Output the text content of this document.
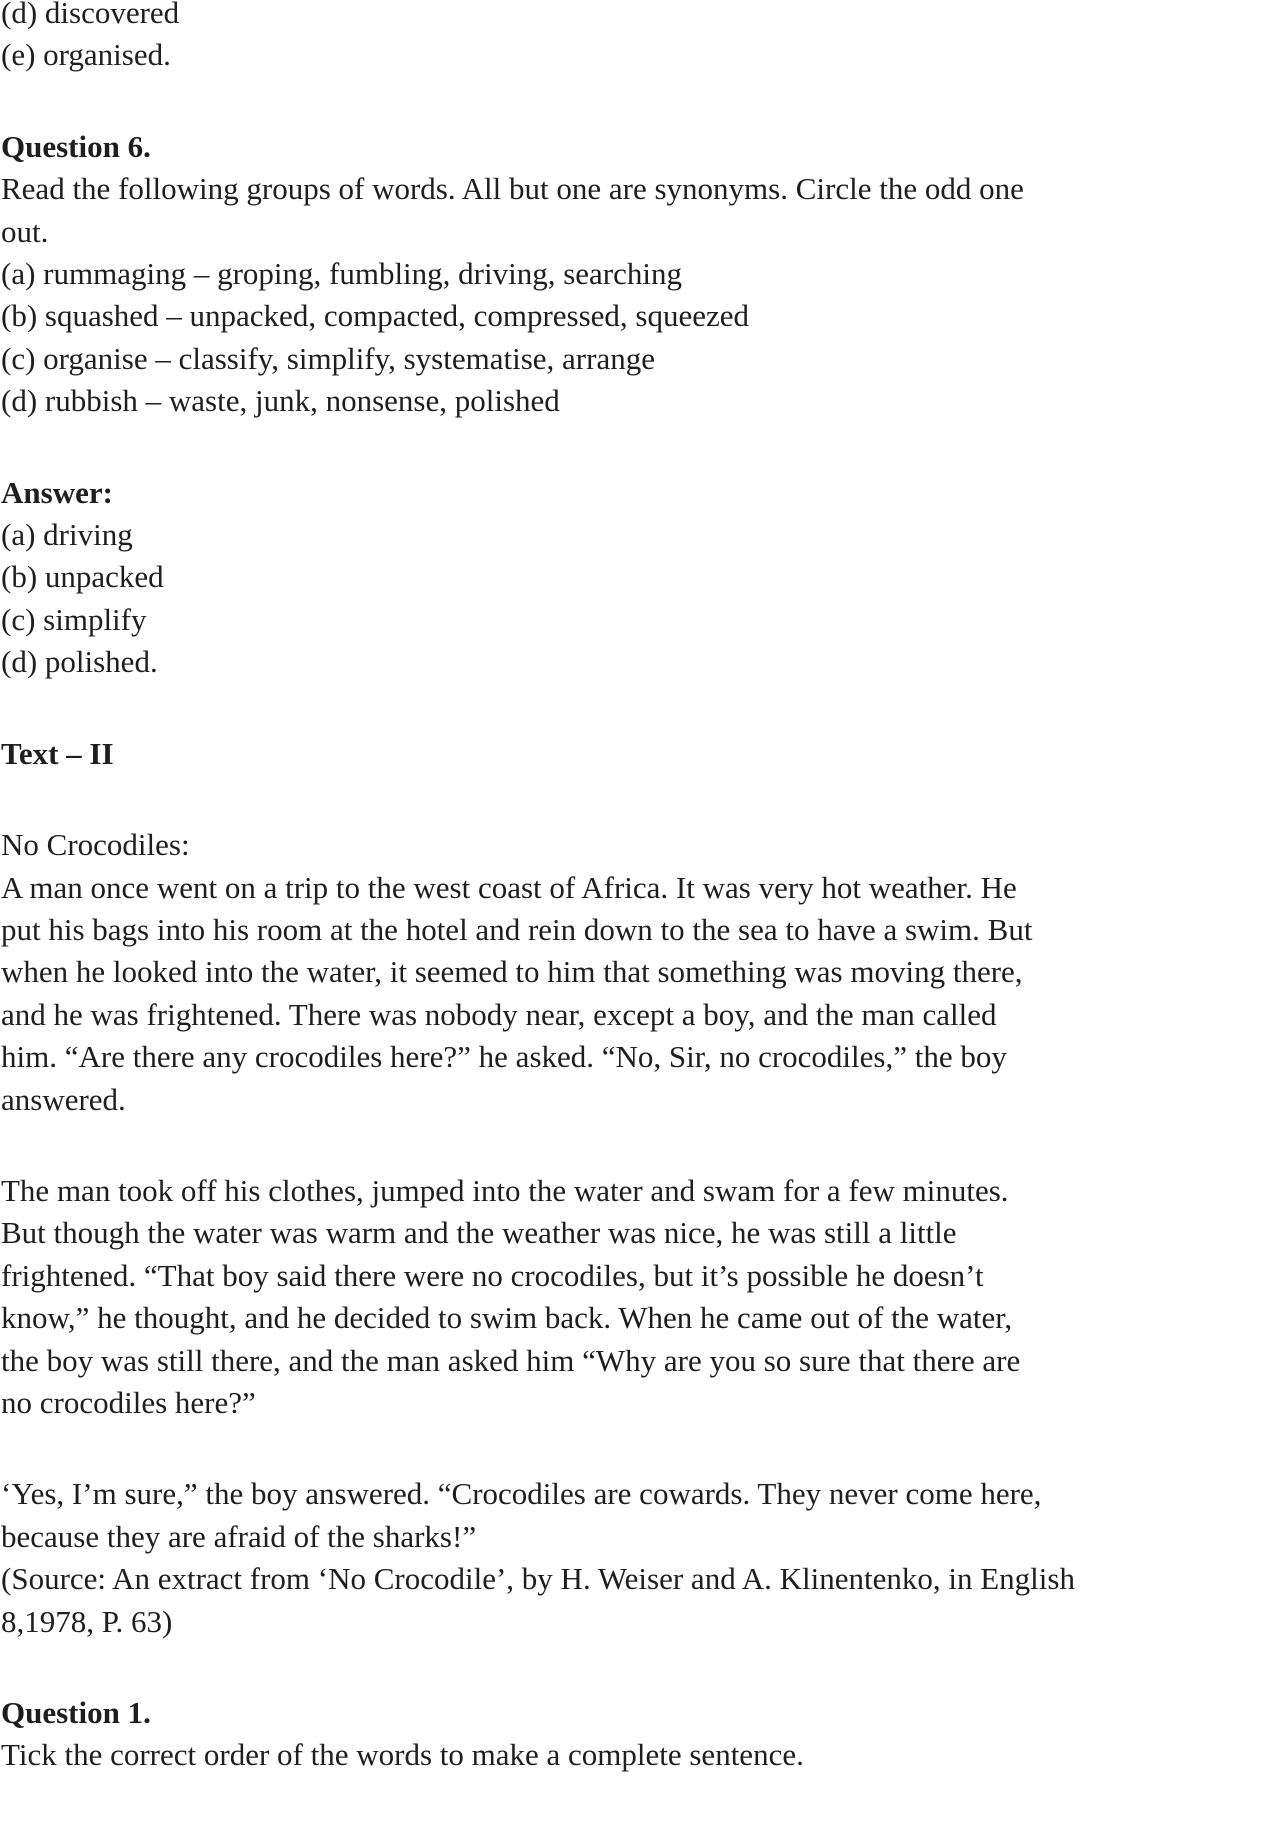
(d) discovered
(e) organised.
Question 6.
Read the following groups of words. All but one are synonyms. Circle the odd one
out.
(a) rummaging – groping, fumbling, driving, searching
(b) squashed – unpacked, compacted, compressed, squeezed
(c) organise – classify, simplify, systematise, arrange
(d) rubbish – waste, junk, nonsense, polished
Answer:
(a) driving
(b) unpacked
(c) simplify
(d) polished.
Text – II
No Crocodiles:
A man once went on a trip to the west coast of Africa. It was very hot weather. He
put his bags into his room at the hotel and rein down to the sea to have a swim. But
when he looked into the water, it seemed to him that something was moving there,
and he was frightened. There was nobody near, except a boy, and the man called
him. “Are there any crocodiles here?” he asked. “No, Sir, no crocodiles,” the boy
answered.
The man took off his clothes, jumped into the water and swam for a few minutes.
But though the water was warm and the weather was nice, he was still a little
frightened. “That boy said there were no crocodiles, but it’s possible he doesn’t
know,” he thought, and he decided to swim back. When he came out of the water,
the boy was still there, and the man asked him “Why are you so sure that there are
no crocodiles here?”
‘Yes, I’m sure,” the boy answered. “Crocodiles are cowards. They never come here,
because they are afraid of the sharks!”
(Source: An extract from ‘No Crocodile’, by H. Weiser and A. Klinentenko, in English
8,1978, P. 63)
Question 1.
Tick the correct order of the words to make a complete sentence.
